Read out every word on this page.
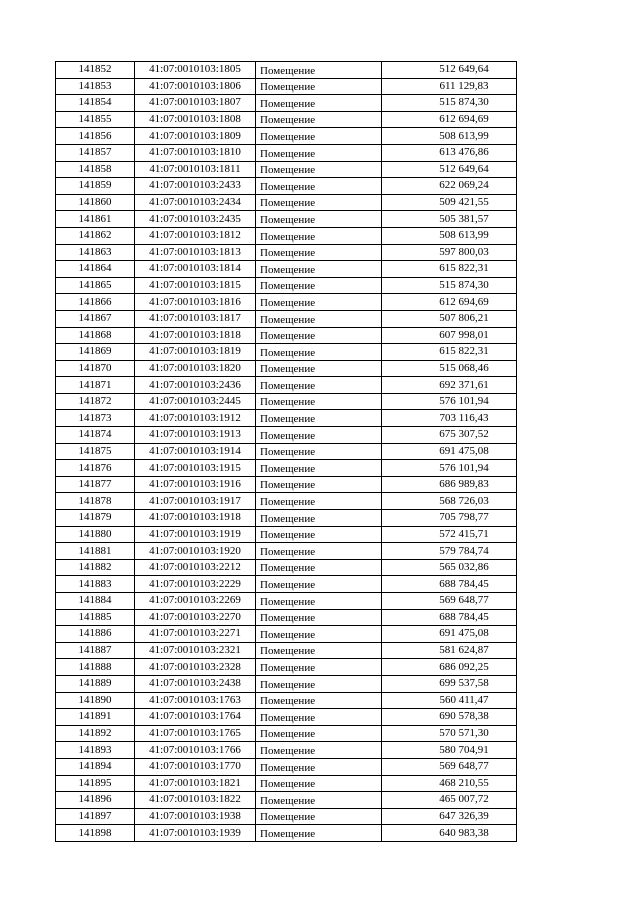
141852	41:07:0010103:1805	Помещение	512 649,64
141853	41:07:0010103:1806	Помещение	611 129,83
141854	41:07:0010103:1807	Помещение	515 874,30
141855	41:07:0010103:1808	Помещение	612 694,69
141856	41:07:0010103:1809	Помещение	508 613,99
141857	41:07:0010103:1810	Помещение	613 476,86
141858	41:07:0010103:1811	Помещение	512 649,64
141859	41:07:0010103:2433	Помещение	622 069,24
141860	41:07:0010103:2434	Помещение	509 421,55
141861	41:07:0010103:2435	Помещение	505 381,57
141862	41:07:0010103:1812	Помещение	508 613,99
141863	41:07:0010103:1813	Помещение	597 800,03
141864	41:07:0010103:1814	Помещение	615 822,31
141865	41:07:0010103:1815	Помещение	515 874,30
141866	41:07:0010103:1816	Помещение	612 694,69
141867	41:07:0010103:1817	Помещение	507 806,21
141868	41:07:0010103:1818	Помещение	607 998,01
141869	41:07:0010103:1819	Помещение	615 822,31
141870	41:07:0010103:1820	Помещение	515 068,46
141871	41:07:0010103:2436	Помещение	692 371,61
141872	41:07:0010103:2445	Помещение	576 101,94
141873	41:07:0010103:1912	Помещение	703 116,43
141874	41:07:0010103:1913	Помещение	675 307,52
141875	41:07:0010103:1914	Помещение	691 475,08
141876	41:07:0010103:1915	Помещение	576 101,94
141877	41:07:0010103:1916	Помещение	686 989,83
141878	41:07:0010103:1917	Помещение	568 726,03
141879	41:07:0010103:1918	Помещение	705 798,77
141880	41:07:0010103:1919	Помещение	572 415,71
141881	41:07:0010103:1920	Помещение	579 784,74
141882	41:07:0010103:2212	Помещение	565 032,86
141883	41:07:0010103:2229	Помещение	688 784,45
141884	41:07:0010103:2269	Помещение	569 648,77
141885	41:07:0010103:2270	Помещение	688 784,45
141886	41:07:0010103:2271	Помещение	691 475,08
141887	41:07:0010103:2321	Помещение	581 624,87
141888	41:07:0010103:2328	Помещение	686 092,25
141889	41:07:0010103:2438	Помещение	699 537,58
141890	41:07:0010103:1763	Помещение	560 411,47
141891	41:07:0010103:1764	Помещение	690 578,38
141892	41:07:0010103:1765	Помещение	570 571,30
141893	41:07:0010103:1766	Помещение	580 704,91
141894	41:07:0010103:1770	Помещение	569 648,77
141895	41:07:0010103:1821	Помещение	468 210,55
141896	41:07:0010103:1822	Помещение	465 007,72
141897	41:07:0010103:1938	Помещение	647 326,39
141898	41:07:0010103:1939	Помещение	640 983,38
